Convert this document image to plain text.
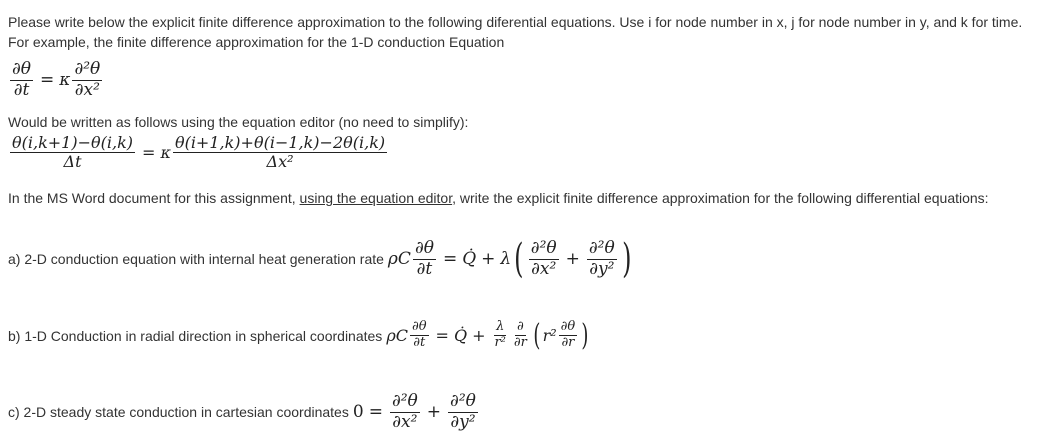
Please write below the explicit finite difference approximation to the following diferential equations. Use i for node number in x, j for node number in y, and k for time. For example, the finite difference approximation for the 1-D conduction Equation

$\frac{\partial\theta}{\partial t} = \kappa \frac{\text{∂²θ}}{\text{∂x²}}$

Would be written as follows using the equation editor (no need to simplify):

$\frac{\theta(i,k+1)-\theta(i,k)}{\Delta t} = \kappa \frac{\theta(i+1,k)+\theta(i-1,k)-2\theta(i,k)}{\text{Δx²}}$

In the MS Word document for this assignment, using the equation editor, write the explicit finite difference approximation for the following differential equations:

a) 2-D conduction equation with internal heat generation rate ρC $\frac{\partial\theta}{\partial t}$ = Q̇ + λ ( $\frac{\text{∂²θ}}{\text{∂x²}} + \frac{\text{∂²θ}}{\text{∂y²}}$ )
b) 1-D Conduction in radial direction in spherical coordinates ρC $\frac{\partial\theta}{\partial t}$ = Q̇ + $\frac{\lambda}{\text{r²}} \frac{\partial}{\partial r}$ ( $r^2 \frac{\partial\theta}{\partial r}$ )
c) 2-D steady state conduction in cartesian coordinates $0 = \frac{\text{∂²θ}}{\text{∂x²}} + \frac{\text{∂²θ}}{\text{∂y²}}$
